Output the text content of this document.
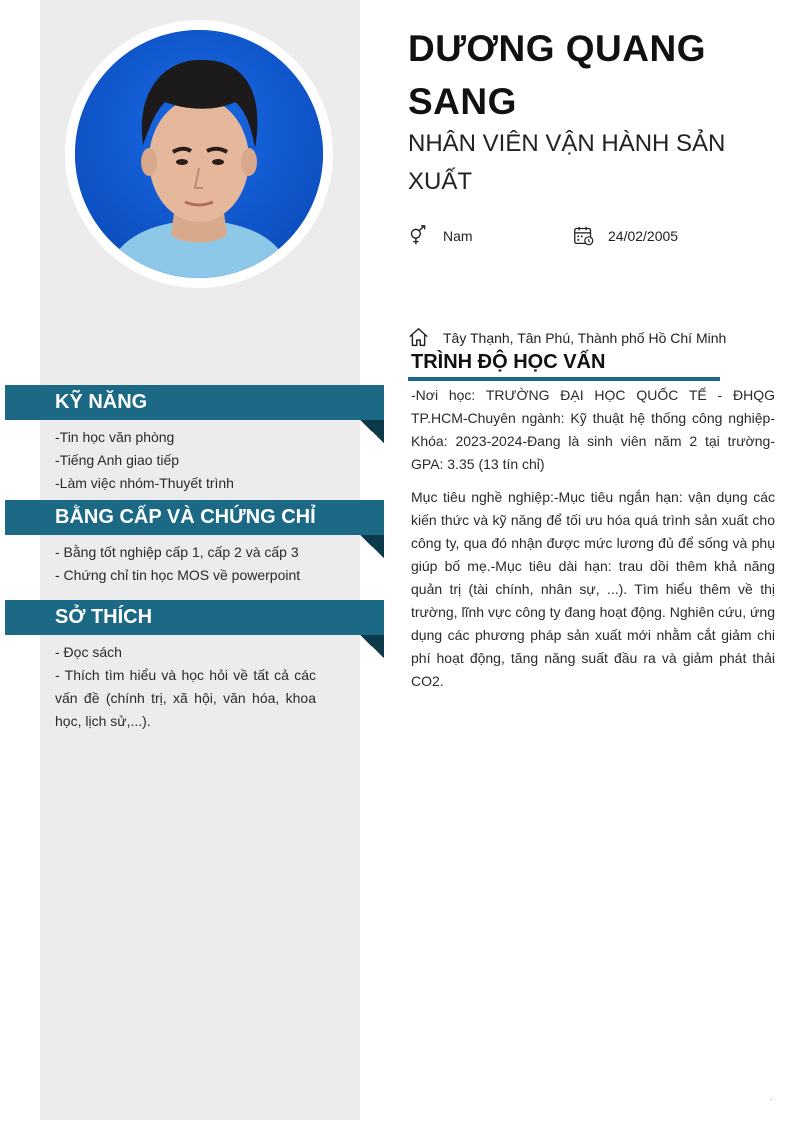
KỸ NĂNG
-Tin học văn phòng
-Tiếng Anh giao tiếp
-Làm việc nhóm-Thuyết trình
BẰNG CẤP VÀ CHỨNG CHỈ
- Bằng tốt nghiệp cấp 1, cấp 2 và cấp 3
- Chứng chỉ tin học MOS về powerpoint
SỞ THÍCH
- Đọc sách
- Thích tìm hiểu và học hỏi về tất cả các vấn đề (chính trị, xã hội, văn hóa, khoa học, lịch sử,...).
DƯƠNG QUANG SANG
NHÂN VIÊN VẬN HÀNH SẢN XUẤT
Nam	24/02/2005
Tây Thạnh, Tân Phú, Thành phố Hồ Chí Minh
TRÌNH ĐỘ HỌC VẤN
-Nơi học: TRƯỜNG ĐẠI HỌC QUỐC TẾ - ĐHQG TP.HCM-Chuyên ngành: Kỹ thuật hệ thống công nghiệp-Khóa: 2023-2024-Đang là sinh viên năm 2 tại trường-GPA: 3.35 (13 tín chỉ)
Mục tiêu nghề nghiệp:-Mục tiêu ngắn hạn: vận dụng các kiến thức và kỹ năng để tối ưu hóa quá trình sản xuất cho công ty, qua đó nhận được mức lương đủ để sống và phụ giúp bố mẹ.-Mục tiêu dài hạn: trau dồi thêm khả năng quản trị (tài chính, nhân sự, ...). Tìm hiểu thêm về thị trường, lĩnh vực công ty đang hoạt động. Nghiên cứu, ứng dụng các phương pháp sản xuất mới nhằm cắt giảm chi phí hoạt động, tăng năng suất đầu ra và giảm phát thải CO2.
.
